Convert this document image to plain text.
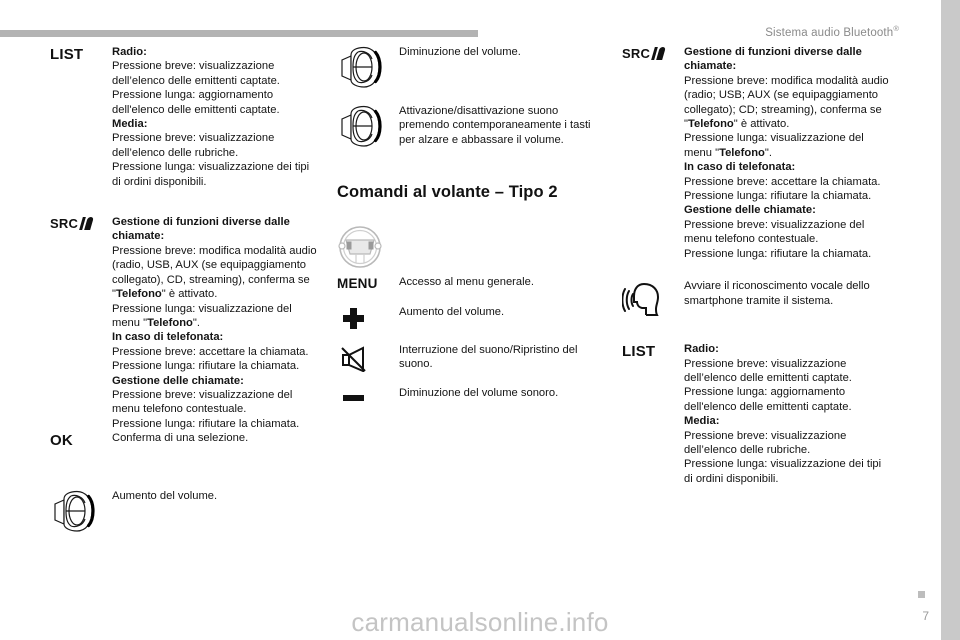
Sistema audio Bluetooth®
7
carmanualsonline.info
LIST	Radio:
Pressione breve: visualizzazione dell’elenco delle emittenti captate.
Pressione lunga: aggiornamento dell'elenco delle emittenti captate.
Media:
Pressione breve: visualizzazione dell’elenco delle rubriche.
Pressione lunga: visualizzazione dei tipi di ordini disponibili.
SRC	Gestione di funzioni diverse dalle chiamate:
Pressione breve: modifica modalità audio (radio, USB, AUX (se equipaggiamento collegato), CD, streaming), conferma se "Telefono" è attivato.
Pressione lunga: visualizzazione del menu "Telefono".
In caso di telefonata:
Pressione breve: accettare la chiamata.
Pressione lunga: rifiutare la chiamata.
Gestione delle chiamate:
Pressione breve: visualizzazione del menu telefono contestuale.
Pressione lunga: rifiutare la chiamata.
OK	Conferma di una selezione.
Aumento del volume.
Diminuzione del volume.
Attivazione/disattivazione suono premendo contemporaneamente i tasti per alzare e abbassare il volume.
Comandi al volante – Tipo 2
MENU Accesso al menu generale.
Aumento del volume.
Interruzione del suono/Ripristino del suono.
Diminuzione del volume sonoro.
SRC	Gestione di funzioni diverse dalle chiamate:
Pressione breve: modifica modalità audio (radio; USB; AUX (se equipaggiamento collegato); CD; streaming), conferma se "Telefono" è attivato.
Pressione lunga: visualizzazione del menu "Telefono".
In caso di telefonata:
Pressione breve: accettare la chiamata.
Pressione lunga: rifiutare la chiamata.
Gestione delle chiamate:
Pressione breve: visualizzazione del menu telefono contestuale.
Pressione lunga: rifiutare la chiamata.
Avviare il riconoscimento vocale dello smartphone tramite il sistema.
LIST	Radio:
Pressione breve: visualizzazione dell’elenco delle emittenti captate.
Pressione lunga: aggiornamento dell'elenco delle emittenti captate.
Media:
Pressione breve: visualizzazione dell’elenco delle rubriche.
Pressione lunga: visualizzazione dei tipi di ordini disponibili.
